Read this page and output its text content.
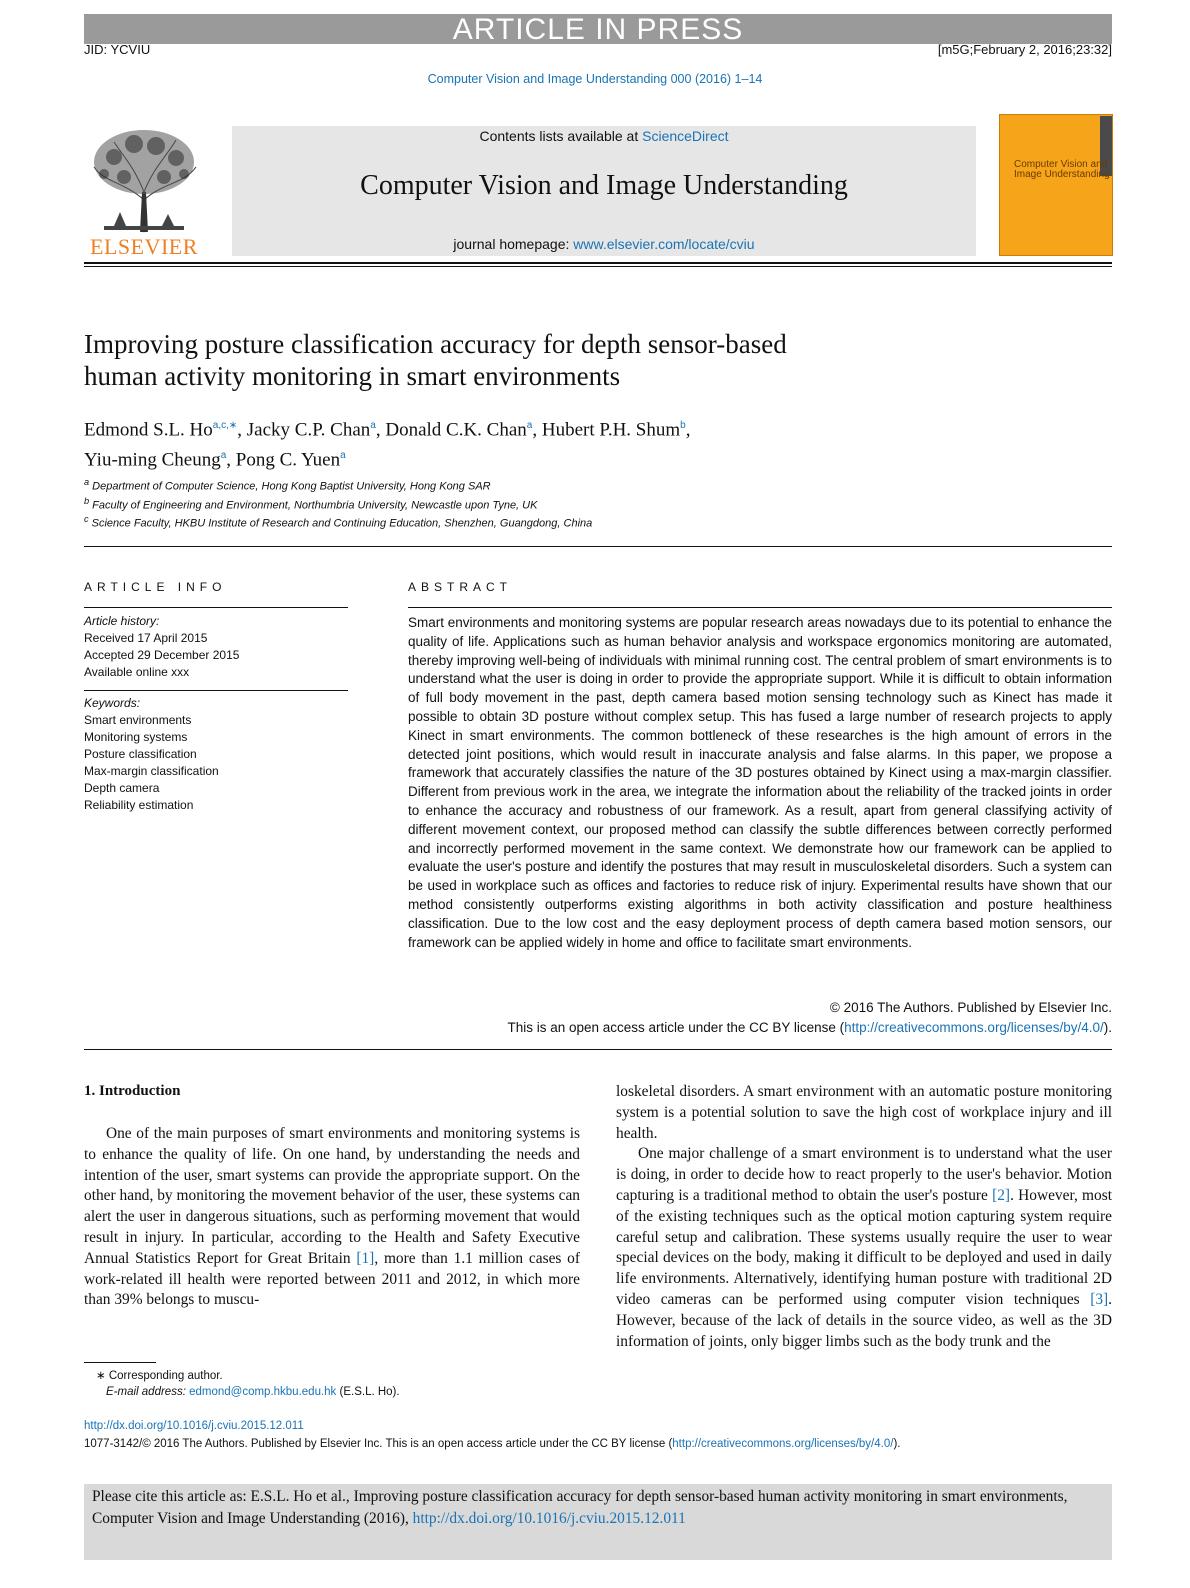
ARTICLE IN PRESS
JID: YCVIU	[m5G;February 2, 2016;23:32]
Computer Vision and Image Understanding 000 (2016) 1–14
ELSEVIER
Contents lists available at ScienceDirect
Computer Vision and Image Understanding
journal homepage: www.elsevier.com/locate/cviu
Computer Vision and Image Understanding
Improving posture classification accuracy for depth sensor-based
human activity monitoring in smart environments
Edmond S.L. $Ho^{a,c,∗}$, Jacky C.P. Chan$^a$, Donald C.K. Chan$^a$, Hubert P.H. Shum$^b$,
Yiu-ming Cheung$^a$, Pong C. Yuen$^a$
$^a$ Department of Computer Science, Hong Kong Baptist University, Hong Kong SAR
$^b$ Faculty of Engineering and Environment, Northumbria University, Newcastle upon Tyne, UK
$^c$ Science Faculty, HKBU Institute of Research and Continuing Education, Shenzhen, Guangdong, China
ARTICLE INFO
Article history:
Received 17 April 2015
Accepted 29 December 2015
Available online xxx
Keywords:
Smart environments
Monitoring systems
Posture classification
Max-margin classification
Depth camera
Reliability estimation
ABSTRACT
Smart environments and monitoring systems are popular research areas nowadays due to its potential to enhance the quality of life. Applications such as human behavior analysis and workspace ergonomics monitoring are automated, thereby improving well-being of individuals with minimal running cost. The central problem of smart environments is to understand what the user is doing in order to provide the appropriate support. While it is difficult to obtain information of full body movement in the past, depth camera based motion sensing technology such as Kinect has made it possible to obtain 3D posture without complex setup. This has fused a large number of research projects to apply Kinect in smart environments. The common bottleneck of these researches is the high amount of errors in the detected joint positions, which would result in inaccurate analysis and false alarms. In this paper, we propose a framework that accurately classifies the nature of the 3D postures obtained by Kinect using a max-margin classifier. Different from previous work in the area, we integrate the information about the reliability of the tracked joints in order to enhance the accuracy and robustness of our framework. As a result, apart from general classifying activity of different movement context, our proposed method can classify the subtle differences between correctly performed and incorrectly performed movement in the same context. We demonstrate how our framework can be applied to evaluate the user's posture and identify the postures that may result in musculoskeletal disorders. Such a system can be used in workplace such as offices and factories to reduce risk of injury. Experimental results have shown that our method consistently outperforms existing algorithms in both activity classification and posture healthiness classification. Due to the low cost and the easy deployment process of depth camera based motion sensors, our framework can be applied widely in home and office to facilitate smart environments.
© 2016 The Authors. Published by Elsevier Inc.
This is an open access article under the CC BY license (http://creativecommons.org/licenses/by/4.0/).
1. Introduction

One of the main purposes of smart environments and monitoring systems is to enhance the quality of life. On one hand, by understanding the needs and intention of the user, smart systems can provide the appropriate support. On the other hand, by monitoring the movement behavior of the user, these systems can alert the user in dangerous situations, such as performing movement that would result in injury. In particular, according to the Health and Safety Executive Annual Statistics Report for Great Britain [1], more than 1.1 million cases of work-related ill health were reported between 2011 and 2012, in which more than 39% belongs to muscu-

loskeletal disorders. A smart environment with an automatic posture monitoring system is a potential solution to save the high cost of workplace injury and ill health.

One major challenge of a smart environment is to understand what the user is doing, in order to decide how to react properly to the user's behavior. Motion capturing is a traditional method to obtain the user's posture [2]. However, most of the existing techniques such as the optical motion capturing system require careful setup and calibration. These systems usually require the user to wear special devices on the body, making it difficult to be deployed and used in daily life environments. Alternatively, identifying human posture with traditional 2D video cameras can be performed using computer vision techniques [3]. However, because of the lack of details in the source video, as well as the 3D information of joints, only bigger limbs such as the body trunk and the

∗ Corresponding author.
E-mail address: edmond@comp.hkbu.edu.hk (E.S.L. Ho).
http://dx.doi.org/10.1016/j.cviu.2015.12.011
1077-3142/© 2016 The Authors. Published by Elsevier Inc. This is an open access article under the CC BY license (http://creativecommons.org/licenses/by/4.0/).
Please cite this article as: E.S.L. Ho et al., Improving posture classification accuracy for depth sensor-based human activity monitoring in smart environments, Computer Vision and Image Understanding (2016), http://dx.doi.org/10.1016/j.cviu.2015.12.011
